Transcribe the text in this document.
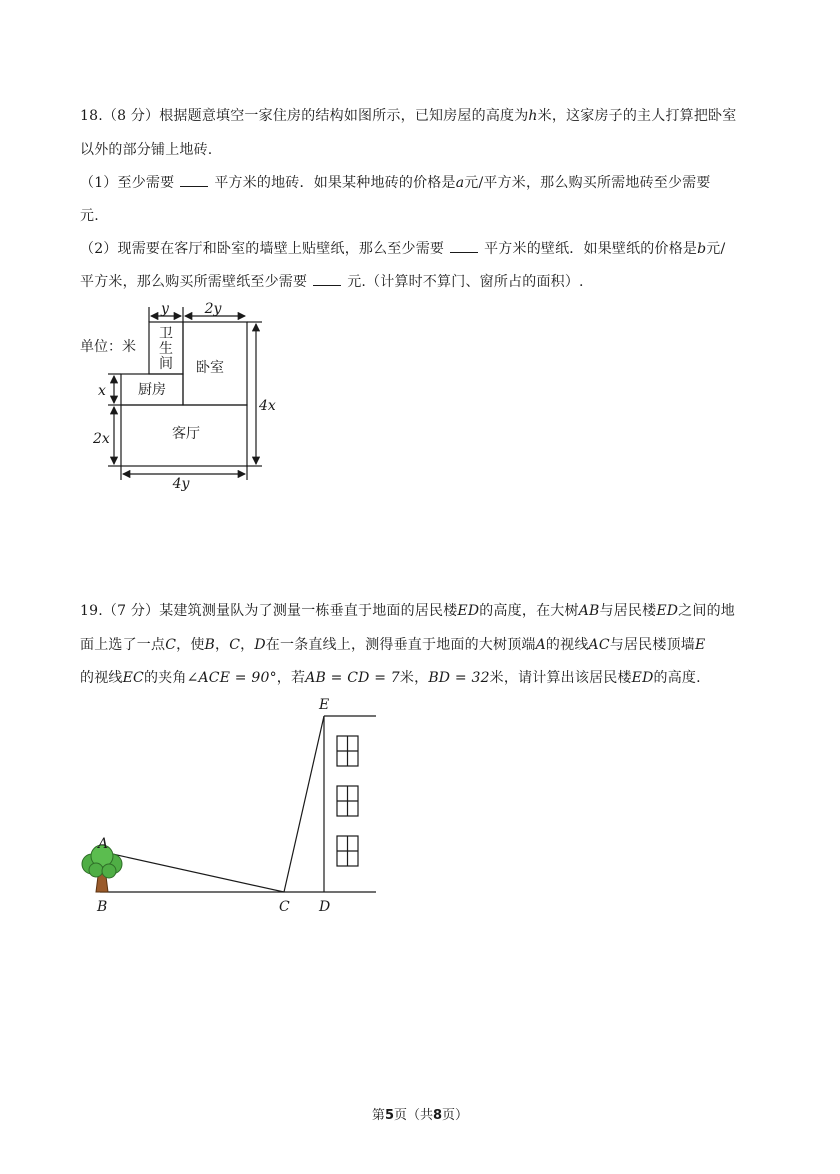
18.（8 分）根据题意填空一家住房的结构如图所示，已知房屋的高度为h米，这家房子的主人打算把卧室
以外的部分铺上地砖.
（1）至少需要	平方米的地砖．如果某种地砖的价格是a元/平方米，那么购买所需地砖至少需要
元.
（2）现需要在客厅和卧室的墙壁上贴壁纸，那么至少需要	平方米的壁纸．如果壁纸的价格是b元/
平方米，那么购买所需壁纸至少需要	元.（计算时不算门、窗所占的面积）.
单位：米
卫
生
间 卧室
厨房
客厅
y	2y
4x
x
2x
4y
19.（7 分）某建筑测量队为了测量一栋垂直于地面的居民楼ED的高度，在大树AB与居民楼ED之间的地
面上选了一点C，使B，C，D在一条直线上，测得垂直于地面的大树顶端A的视线AC与居民楼顶墙E
的视线EC的夹角∠ACE = 90°，若AB = CD = 7米，BD = 32米，请计算出该居民楼ED的高度.
A
B	C D
E
第5页（共8页）
